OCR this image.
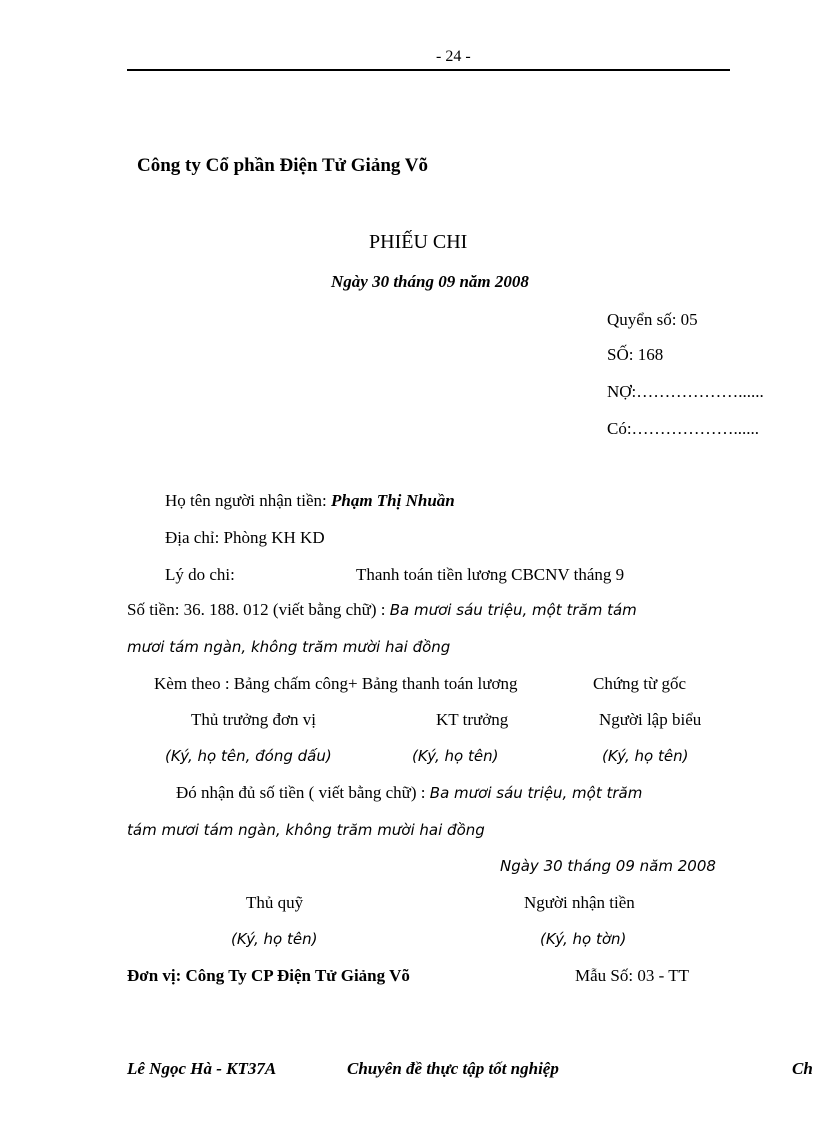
- 24 -
Công ty Cổ phần Điện Tử Giảng Võ
PHIẾU CHI
Ngày 30 tháng 09 năm 2008
Quyển số: 05
SỐ: 168
NỢ:………………......
Có:………………......
Họ tên người nhận tiền: Phạm Thị Nhuần
Địa chỉ: Phòng KH KD
Lý do chi:	Thanh toán tiền lương CBCNV tháng 9
Số tiền: 36. 188. 012 (viết bằng chữ) : Ba mươi sáu triệu, một trăm tám
mươi tám ngàn, không trăm mười hai đồng
Kèm theo : Bảng chấm công+ Bảng thanh toán lương	Chứng từ gốc
Thủ trưởng đơn vị	KT trưởng	Người lập biểu
(Ký, họ tên, đóng dấu)	(Ký, họ tên)	(Ký, họ tên)
Đó nhận đủ số tiền ( viết bằng chữ) : Ba mươi sáu triệu, một trăm
tám mươi tám ngàn, không trăm mười hai đồng
Ngày 30 tháng 09 năm 2008
Thủ quỹ	Người nhận tiền
(Ký, họ tên)	(Ký, họ tờn)
Đơn vị: Công Ty CP Điện Tử Giảng Võ	Mẫu Số: 03 - TT
Lê Ngọc Hà - KT37A	Chuyên đề thực tập tốt nghiệp	Ch
